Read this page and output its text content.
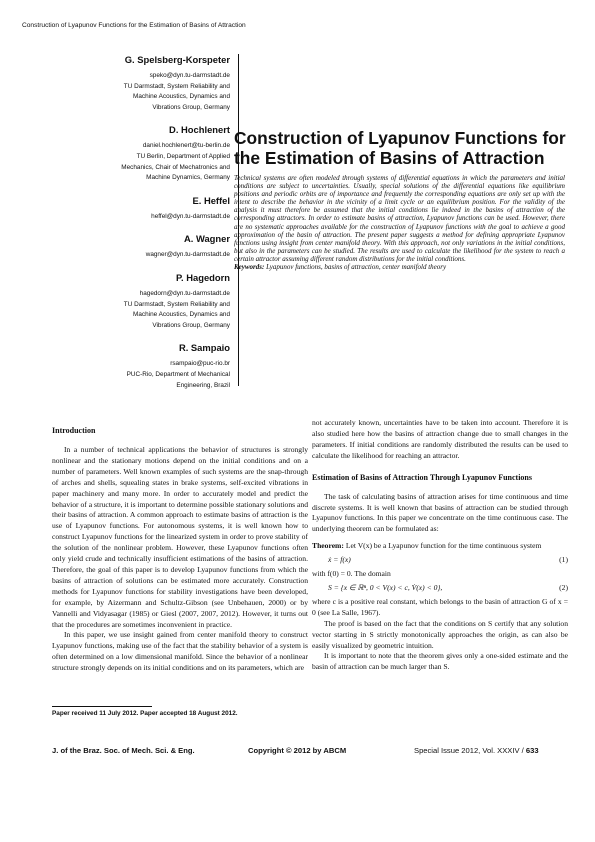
Construction of Lyapunov Functions for the Estimation of Basins of Attraction
G. Spelsberg-Korspeter
speko@dyn.tu-darmstadt.de
TU Darmstadt, System Reliability and
Machine Acoustics, Dynamics and
Vibrations Group, Germany
D. Hochlenert
daniel.hochlenert@tu-berlin.de
TU Berlin, Department of Applied
Mechanics, Chair of Mechatronics and
Machine Dynamics, Germany
E. Heffel
heffel@dyn.tu-darmstadt.de
A. Wagner
wagner@dyn.tu-darmstadt.de
P. Hagedorn
hagedorn@dyn.tu-darmstadt.de
TU Darmstadt, System Reliability and
Machine Acoustics, Dynamics and
Vibrations Group, Germany
R. Sampaio
rsampaio@puc-rio.br
PUC-Rio, Department of Mechanical
Engineering, Brazil
Construction of Lyapunov Functions for
the Estimation of Basins of Attraction
Technical systems are often modeled through systems of differential equations in which the parameters and initial conditions are subject to uncertainties. Usually, special solutions of the differential equations like equilibrium positions and periodic orbits are of importance and frequently the corresponding equations are only set up with the intent to describe the behavior in the vicinity of a limit cycle or an equilibrium position. For the validity of the analysis it must therefore be assumed that the initial conditions lie indeed in the basins of attraction of the corresponding attractors. In order to estimate basins of attraction, Lyapunov functions can be used. However, there are no systematic approaches available for the construction of Lyapunov functions with the goal to achieve a good approximation of the basin of attraction. The present paper suggests a method for defining appropriate Lyapunov functions using insight from center manifold theory. With this approach, not only variations in the initial conditions, but also in the parameters can be studied. The results are used to calculate the likelihood for the system to reach a certain attractor assuming different random distributions for the initial conditions.
Keywords: Lyapunov functions, basins of attraction, center manifold theory
Introduction

In a number of technical applications the behavior of structures is strongly nonlinear and the stationary motions depend on the initial conditions and on a number of parameters. Well known examples of such systems are the snap-through of arches and shells, squealing states in brake systems, self-excited vibrations in paper machinery and many more. In order to accurately model and predict the behavior of a structure, it is important to determine possible stationary solutions and their basins of attraction. A common approach to estimate basins of attraction is the use of Lyapunov functions. For autonomous systems, it is well known how to construct Lyapunov functions for the linearized system in order to prove stability of the solution of the nonlinear problem. However, these Lyapunov functions often only yield crude and technically insufficient estimations of the basins of attraction. Therefore, the goal of this paper is to develop Lyapunov functions from which the basins of attraction of solutions can be estimated more accurately. Construction methods for Lyapunov functions for stability investigations have been developed, for example, by Aizermann and Schultz-Gibson (see Unbehauen, 2000) or by Vannelli and Vidyasagar (1985) or Giesl (2007, 2007, 2012). However, it turns out that the procedures are sometimes inconvenient in practice.

In this paper, we use insight gained from center manifold theory to construct Lyapunov functions, making use of the fact that the stability behavior of a system is often determined on a low dimensional manifold. Since the behavior of a nonlinear structure strongly depends on its initial conditions and on its parameters, which are

Paper received 11 July 2012. Paper accepted 18 August 2012.

not accurately known, uncertainties have to be taken into account. Therefore it is also studied here how the basins of attraction change due to small changes in the parameters. If initial conditions are randomly distributed the results can be used to calculate the likelihood for reaching an attractor.

Estimation of Basins of Attraction Through Lyapunov Functions

The task of calculating basins of attraction arises for time continuous and time discrete systems. It is well known that basins of attraction can be studied through Lyapunov functions. In this paper we concentrate on the time continuous case. The underlying theorem can be formulated as:

Theorem: Let V(x) be a Lyapunov function for the time continuous system

ẋ = f(x)	(1)

with f(0) = 0. The domain

S = {x ∈ ℝⁿ, 0 < V(x) < c, V̇(x) < 0},	(2)

where c is a positive real constant, which belongs to the basin of attraction G of x = 0 (see La Salle, 1967).

The proof is based on the fact that the conditions on S certify that any solution vector starting in S strictly monotonically approaches the origin, as can also be easily visualized by geometric intuition.

It is important to note that the theorem gives only a one-sided estimate and the basin of attraction can be much larger than S.

J. of the Braz. Soc. of Mech. Sci. & Eng.	Copyright © 2012 by ABCM	Special Issue 2012, Vol. XXXIV / 633
